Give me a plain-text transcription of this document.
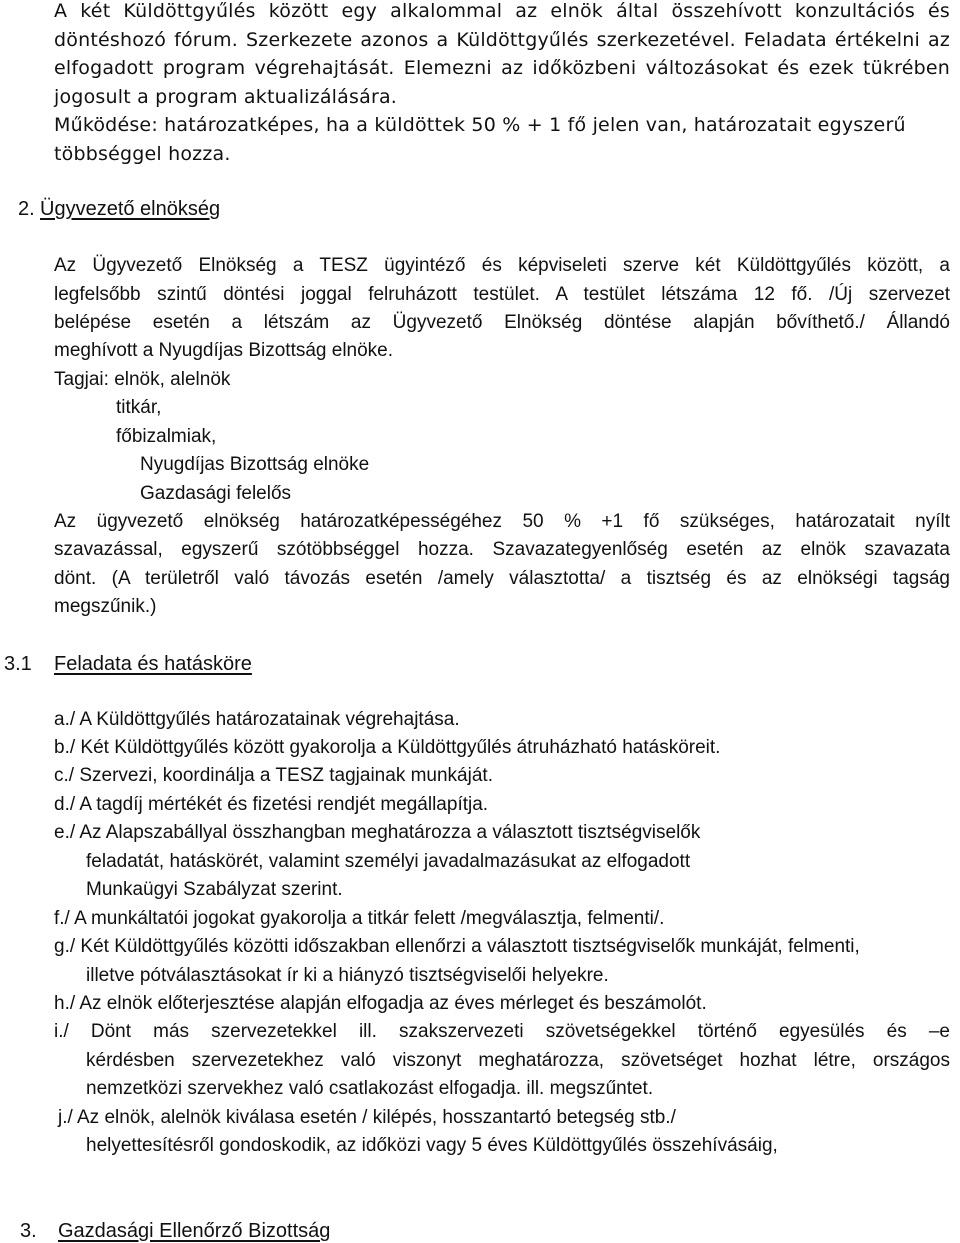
A két Küldöttgyűlés között egy alkalommal az elnök által összehívott konzultációs és
döntéshozó fórum. Szerkezete azonos a Küldöttgyűlés szerkezetével. Feladata értékelni az
elfogadott program végrehajtását. Elemezni az időközbeni változásokat és ezek tükrében
jogosult a program aktualizálására.
Működése: határozatképes, ha a küldöttek 50 % + 1 fő jelen van, határozatait egyszerű
többséggel hozza.
2. Ügyvezető elnökség
Az Ügyvezető Elnökség a TESZ ügyintéző és képviseleti szerve két Küldöttgyűlés között, a
legfelsőbb szintű döntési joggal felruházott testület. A testület létszáma 12 fő. /Új szervezet
belépése esetén a létszám az Ügyvezető Elnökség döntése alapján bővíthető./ Állandó
meghívott a Nyugdíjas Bizottság elnöke.
Tagjai: elnök, alelnök
titkár,
főbizalmiak,
Nyugdíjas Bizottság elnöke
Gazdasági felelős
Az ügyvezető elnökség határozatképességéhez 50 % +1 fő szükséges, határozatait nyílt
szavazással, egyszerű szótöbbséggel hozza. Szavazategyenlőség esetén az elnök szavazata
dönt. (A területről való távozás esetén /amely választotta/ a tisztség és az elnökségi tagság
megszűnik.)
3.1 Feladata és hatásköre
a./ A Küldöttgyűlés határozatainak végrehajtása.
b./ Két Küldöttgyűlés között gyakorolja a Küldöttgyűlés átruházható hatásköreit.
c./ Szervezi, koordinálja a TESZ tagjainak munkáját.
d./ A tagdíj mértékét és fizetési rendjét megállapítja.
e./ Az Alapszabállyal összhangban meghatározza a választott tisztségviselők
feladatát, hatáskörét, valamint személyi javadalmazásukat az elfogadott
Munkaügyi Szabályzat szerint.
f./ A munkáltatói jogokat gyakorolja a titkár felett /megválasztja, felmenti/.
g./ Két Küldöttgyűlés közötti időszakban ellenőrzi a választott tisztségviselők munkáját, felmenti,
illetve pótválasztásokat ír ki a hiányzó tisztségviselői helyekre.
h./ Az elnök előterjesztése alapján elfogadja az éves mérleget és beszámolót.
i./ Dönt más szervezetekkel ill. szakszervezeti szövetségekkel történő egyesülés és –e
kérdésben szervezetekhez való viszonyt meghatározza, szövetséget hozhat létre, országos
nemzetközi szervekhez való csatlakozást elfogadja. ill. megszűntet.
j./ Az elnök, alelnök kiválasa esetén / kilépés, hosszantartó betegség stb./
helyettesítésről gondoskodik, az időközi vagy 5 éves Küldöttgyűlés összehívásáig,
3. Gazdasági Ellenőrző Bizottság
